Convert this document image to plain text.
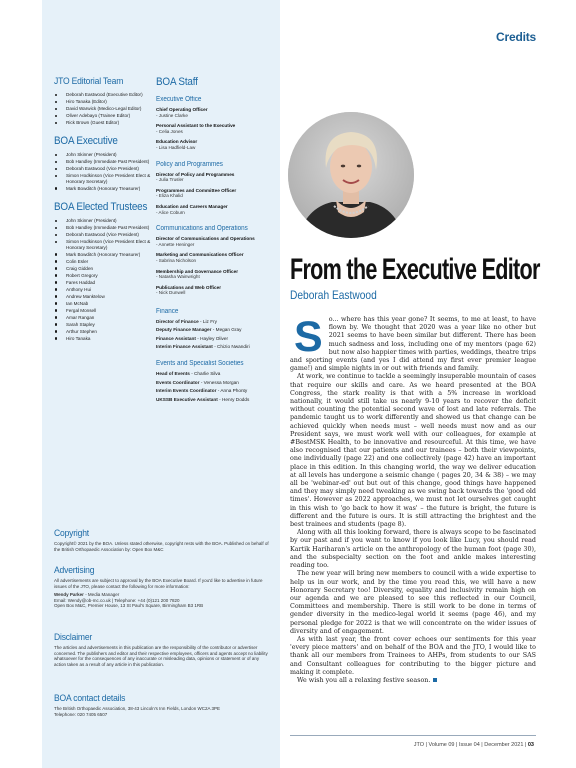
Credits
JTO Editorial Team
Deborah Eastwood (Executive Editor)
Hiro Tanaka (Editor)
David Warwick (Medico-Legal Editor)
Oliver Adebayo (Trainee Editor)
Rick Brown (Guest Editor)
BOA Executive
John Skinner (President)
Bob Handley (Immediate Past President)
Deborah Eastwood (Vice President)
Simon Hodkinson (Vice President Elect & Honorary Secretary)
Mark Bowditch (Honorary Treasurer)
BOA Elected Trustees
John Skinner (President)
Bob Handley (Immediate Past President)
Deborah Eastwood (Vice President)
Simon Hodkinson (Vice President Elect & Honorary Secretary)
Mark Bowditch (Honorary Treasurer)
Colin Esler
Craig Gidden
Robert Gregory
Fares Haddad
Anthony Hui
Andrew Manktelow
Ian McNab
Fergal Monsell
Amar Rangan
Sarah Stapley
Arthur Stephen
Hiro Tanaka
BOA Staff
Executive Office
Chief Operating Officer
- Justine Clarke
Personal Assistant to the Executive
- Celia Jones
Education Advisor
- Lisa Hadfield-Law
Policy and Programmes
Director of Policy and Programmes
- Julia Trusler
Programmes and Committee Officer
- Eliza Khalid
Education and Careers Manager
- Alice Coburn
Communications and Operations
Director of Communications and Operations
- Annette Heninger
Marketing and Communications Officer
- Sabrina Nicholson
Membership and Governance Officer
- Natasha Wainwright
Publications and Web Officer
- Nick Dunwell
Finance
Director of Finance - Liz Fry
Deputy Finance Manager - Megan Gray
Finance Assistant - Hayley Oliver
Interim Finance Assistant - Chizio Nwandiri
Events and Specialist Societies
Head of Events - Charlie Silva
Events Coordinator - Venessa Morgan
Interim Events Coordinator - Anna Phonty
UKSSB Executive Assistant - Henry Dodds
Copyright

Copyright© 2021 by the BOA. Unless stated otherwise, copyright rests with the BOA. Published on behalf of the British Orthopaedic Association by: Open Box M&C

Advertising

All advertisements are subject to approval by the BOA Executive Board. If you'd like to advertise in future issues of the JTO, please contact the following for more information:

Wendy Parker - Media Manager

Email: Wendy@ob-mc.co.uk | Telephone: +44 (0)121 200 7820

Open Box M&C, Premier House, 13 St Paul's Square, Birmingham B3 1RB

Disclaimer

The articles and advertisements in this publication are the responsibility of the contributor or advertiser concerned. The publishers and editor and their respective employees, officers and agents accept no liability whatsoever for the consequences of any inaccurate or misleading data, opinions or statement or of any action taken as a result of any article in this publication.

BOA contact details

The British Orthopaedic Association, 38-43 Lincoln's Inn Fields, London WC2A 3PE

Telephone: 020 7405 6507

From the Executive Editor
Deborah Eastwood

So... where has this year gone? It seems, to me at least, to have flown by. We thought that 2020 was a year like no other but 2021 seems to have been similar but different. There has been much sadness and loss, including one of my mentors (page 62) but now also happier times with parties, weddings, theatre trips and sporting events (and yes I did attend my first ever premier league game!) and simple nights in or out with friends and family.

At work, we continue to tackle a seemingly insuperable mountain of cases that require our skills and care. As we heard presented at the BOA Congress, the stark reality is that with a 5% increase in workload nationally, it would still take us nearly 9-10 years to recover the deficit without counting the potential second wave of lost and late referrals. The pandemic taught us to work differently and showed us that change can be achieved quickly when needs must – well needs must now and as our President says, we must work well with our colleagues, for example at #BestMSK Health, to be innovative and resourceful. At this time, we have also recognised that our patients and our trainees – both their viewpoints, one individually (page 22) and one collectively (page 42) have an important place in this edition. In this changing world, the way we deliver education at all levels has undergone a seismic change ( pages 20, 34 & 38) – we may all be 'webinar-ed' out but out of this change, good things have happened and they may simply need tweaking as we swing back towards the 'good old times'. However as 2022 approaches, we must not let ourselves get caught in this wish to 'go back to how it was' – the future is bright, the future is different and the future is ours. It is still attracting the brightest and the best trainees and students (page 8).

Along with all this looking forward, there is always scope to be fascinated by our past and if you want to know if you look like Lucy, you should read Kartik Hariharan's article on the anthropology of the human foot (page 30), and the subspecialty section on the foot and ankle makes interesting reading too.

The new year will bring new members to council with a wide expertise to help us in our work, and by the time you read this, we will have a new Honorary Secretary too! Diversity, equality and inclusivity remain high on our agenda and we are pleased to see this reflected in our Council, Committees and membership. There is still work to be done in terms of gender diversity in the medico-legal world it seems (page 46), and my personal pledge for 2022 is that we will concentrate on the wider issues of diversity and of engagement.

As with last year, the front cover echoes our sentiments for this year 'every piece matters' and on behalf of the BOA and the JTO, I would like to thank all our members from Trainees to AHPs, from students to our SAS and Consultant colleagues for contributing to the bigger picture and making it complete.

We wish you all a relaxing festive season.

JTO | Volume 09 | Issue 04 | December 2021 | 03
